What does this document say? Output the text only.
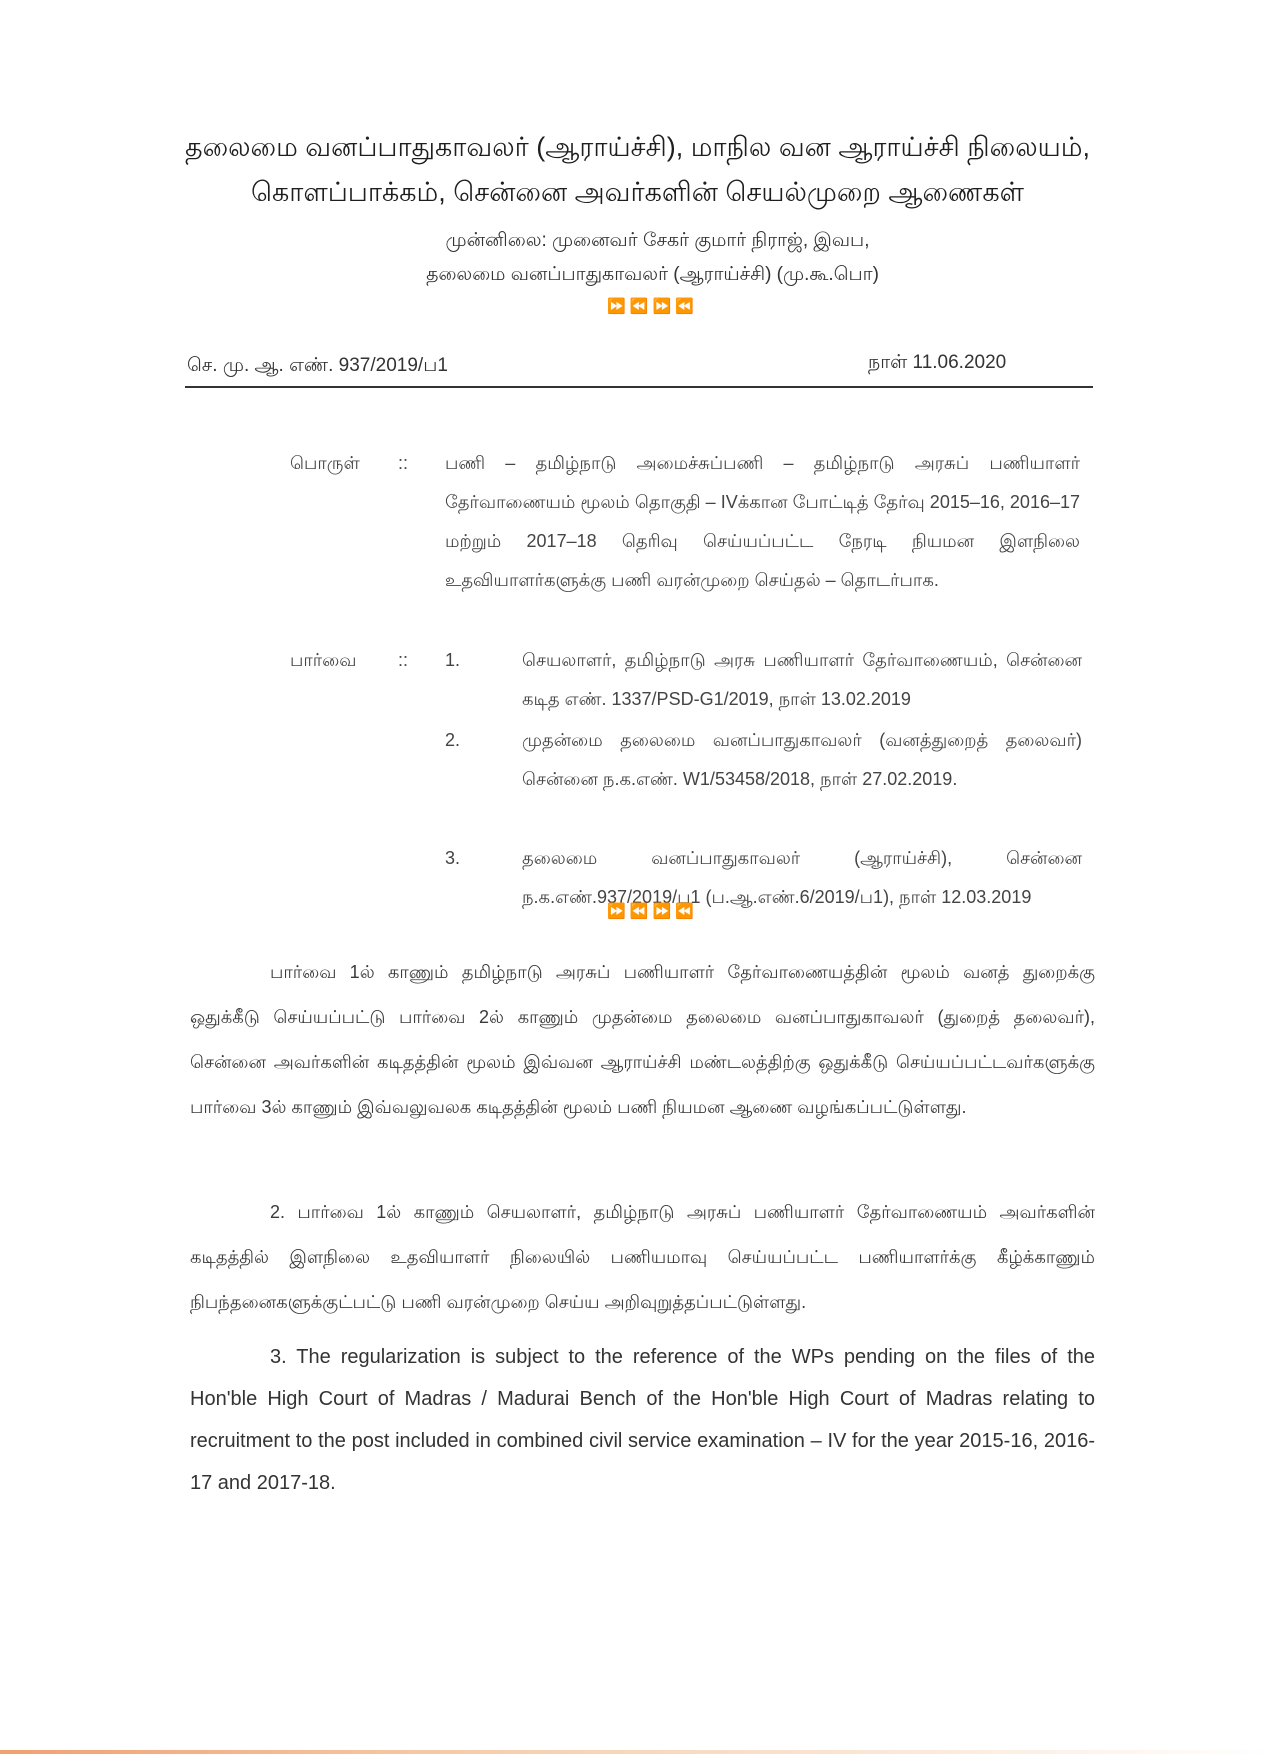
தலைமை வனப்பாதுகாவலர் (ஆராய்ச்சி), மாநில வன ஆராய்ச்சி நிலையம்,
கொளப்பாக்கம், சென்னை அவர்களின் செயல்முறை ஆணைகள்
முன்னிலை: முனைவர் சேகர் குமார் நிராஜ், இவப,
தலைமை வனப்பாதுகாவலர் (ஆராய்ச்சி) (மு.கூ.பொ)
⏩⏪⏩⏪
செ. மு. ஆ. எண். 937/2019/ப1	நாள் 11.06.2020
பொருள் :: பணி – தமிழ்நாடு அமைச்சுப்பணி – தமிழ்நாடு அரசுப் பணியாளர் தேர்வாணையம் மூலம் தொகுதி – IVக்கான போட்டித் தேர்வு 2015–16, 2016–17 மற்றும் 2017–18 தெரிவு செய்யப்பட்ட நேரடி நியமன இளநிலை உதவியாளர்களுக்கு பணி வரன்முறை செய்தல் – தொடர்பாக.
பார்வை :: 1.	செயலாளர், தமிழ்நாடு அரசு பணியாளர் தேர்வாணையம், சென்னை கடித எண். 1337/PSD-G1/2019, நாள் 13.02.2019
2.	முதன்மை தலைமை வனப்பாதுகாவலர் (வனத்துறைத் தலைவர்) சென்னை ந.க.எண். W1/53458/2018, நாள் 27.02.2019.
3.	தலைமை வனப்பாதுகாவலர் (ஆராய்ச்சி), சென்னை ந.க.எண்.937/2019/ப1 (ப.ஆ.எண்.6/2019/ப1), நாள் 12.03.2019
⏩⏪⏩⏪
பார்வை 1ல் காணும் தமிழ்நாடு அரசுப் பணியாளர் தேர்வாணையத்தின் மூலம் வனத் துறைக்கு ஒதுக்கீடு செய்யப்பட்டு பார்வை 2ல் காணும் முதன்மை தலைமை வனப்பாதுகாவலர் (துறைத் தலைவர்), சென்னை அவர்களின் கடிதத்தின் மூலம் இவ்வன ஆராய்ச்சி மண்டலத்திற்கு ஒதுக்கீடு செய்யப்பட்டவர்களுக்கு பார்வை 3ல் காணும் இவ்வலுவலக கடிதத்தின் மூலம் பணி நியமன ஆணை வழங்கப்பட்டுள்ளது.
2. பார்வை 1ல் காணும் செயலாளர், தமிழ்நாடு அரசுப் பணியாளர் தேர்வாணையம் அவர்களின் கடிதத்தில் இளநிலை உதவியாளர் நிலையில் பணியமாவு செய்யப்பட்ட பணியாளர்க்கு கீழ்க்காணும் நிபந்தனைகளுக்குட்பட்டு பணி வரன்முறை செய்ய அறிவுறுத்தப்பட்டுள்ளது.
3. The regularization is subject to the reference of the WPs pending on the files of the Hon'ble High Court of Madras / Madurai Bench of the Hon'ble High Court of Madras relating to recruitment to the post included in combined civil service examination – IV for the year 2015-16, 2016-17 and 2017-18.
